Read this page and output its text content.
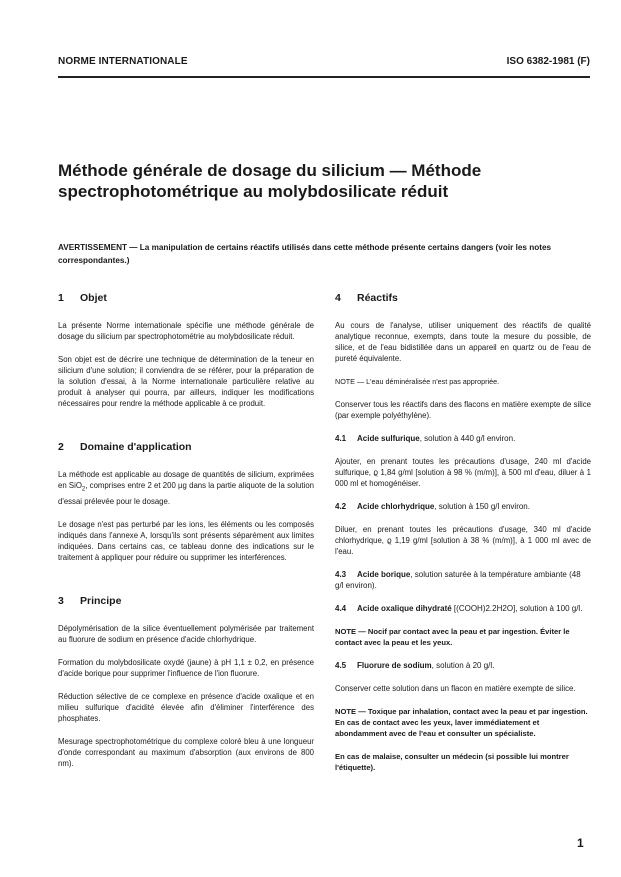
NORME INTERNATIONALE	ISO 6382-1981 (F)
Méthode générale de dosage du silicium — Méthode
spectrophotométrique au molybdosilicate réduit
AVERTISSEMENT — La manipulation de certains réactifs utilisés dans cette méthode présente certains dangers (voir les notes correspondantes.)
1 Objet
La présente Norme internationale spécifie une méthode générale de dosage du silicium par spectrophotométrie au molybdosilicate réduit.
Son objet est de décrire une technique de détermination de la teneur en silicium d'une solution; il conviendra de se référer, pour la préparation de la solution d'essai, à la Norme internationale particulière relative au produit à analyser qui pourra, par ailleurs, indiquer les modifications nécessaires pour rendre la méthode applicable à ce produit.
2 Domaine d'application
La méthode est applicable au dosage de quantités de silicium, exprimées en SiO$_2$, comprises entre 2 et 200 µg dans la partie aliquote de la solution d'essai prélevée pour le dosage.
Le dosage n'est pas perturbé par les ions, les éléments ou les composés indiqués dans l'annexe A, lorsqu'ils sont présents séparément aux limites indiquées. Dans certains cas, ce tableau donne des indications sur le traitement à appliquer pour réduire ou supprimer les interférences.
3 Principe
Dépolymérisation de la silice éventuellement polymérisée par traitement au fluorure de sodium en présence d'acide chlorhydrique.
Formation du molybdosilicate oxydé (jaune) à pH 1,1 ± 0,2, en présence d'acide borique pour supprimer l'influence de l'ion fluorure.
Réduction sélective de ce complexe en présence d'acide oxalique et en milieu sulfurique d'acidité élevée afin d'éliminer l'interférence des phosphates.
Mesurage spectrophotométrique du complexe coloré bleu à une longueur d'onde correspondant au maximum d'absorption (aux environs de 800 nm).
4 Réactifs
Au cours de l'analyse, utiliser uniquement des réactifs de qualité analytique reconnue, exempts, dans toute la mesure du possible, de silice, et de l'eau bidistillée dans un appareil en quartz ou de l'eau de pureté équivalente.
NOTE — L'eau déminéralisée n'est pas appropriée.
Conserver tous les réactifs dans des flacons en matière exempte de silice (par exemple polyéthylène).
4.1 Acide sulfurique, solution à 440 g/l environ.
Ajouter, en prenant toutes les précautions d'usage, 240 ml d'acide sulfurique, ϱ 1,84 g/ml [solution à 98 % (m/m)], à 500 ml d'eau, diluer à 1 000 ml et homogénéiser.
4.2 Acide chlorhydrique, solution à 150 g/l environ.
Diluer, en prenant toutes les précautions d'usage, 340 ml d'acide chlorhydrique, ϱ 1,19 g/ml [solution à 38 % (m/m)], à 1 000 ml avec de l'eau.
4.3 Acide borique, solution saturée à la température ambiante (48 g/l environ).
4.4 Acide oxalique dihydraté [(COOH)2.2H2O], solution à 100 g/l.
NOTE — Nocif par contact avec la peau et par ingestion. Éviter le contact avec la peau et les yeux.
4.5 Fluorure de sodium, solution à 20 g/l.
Conserver cette solution dans un flacon en matière exempte de silice.
NOTE — Toxique par inhalation, contact avec la peau et par ingestion. En cas de contact avec les yeux, laver immédiatement et abondamment avec de l'eau et consulter un spécialiste.
En cas de malaise, consulter un médecin (si possible lui montrer l'étiquette).
1
